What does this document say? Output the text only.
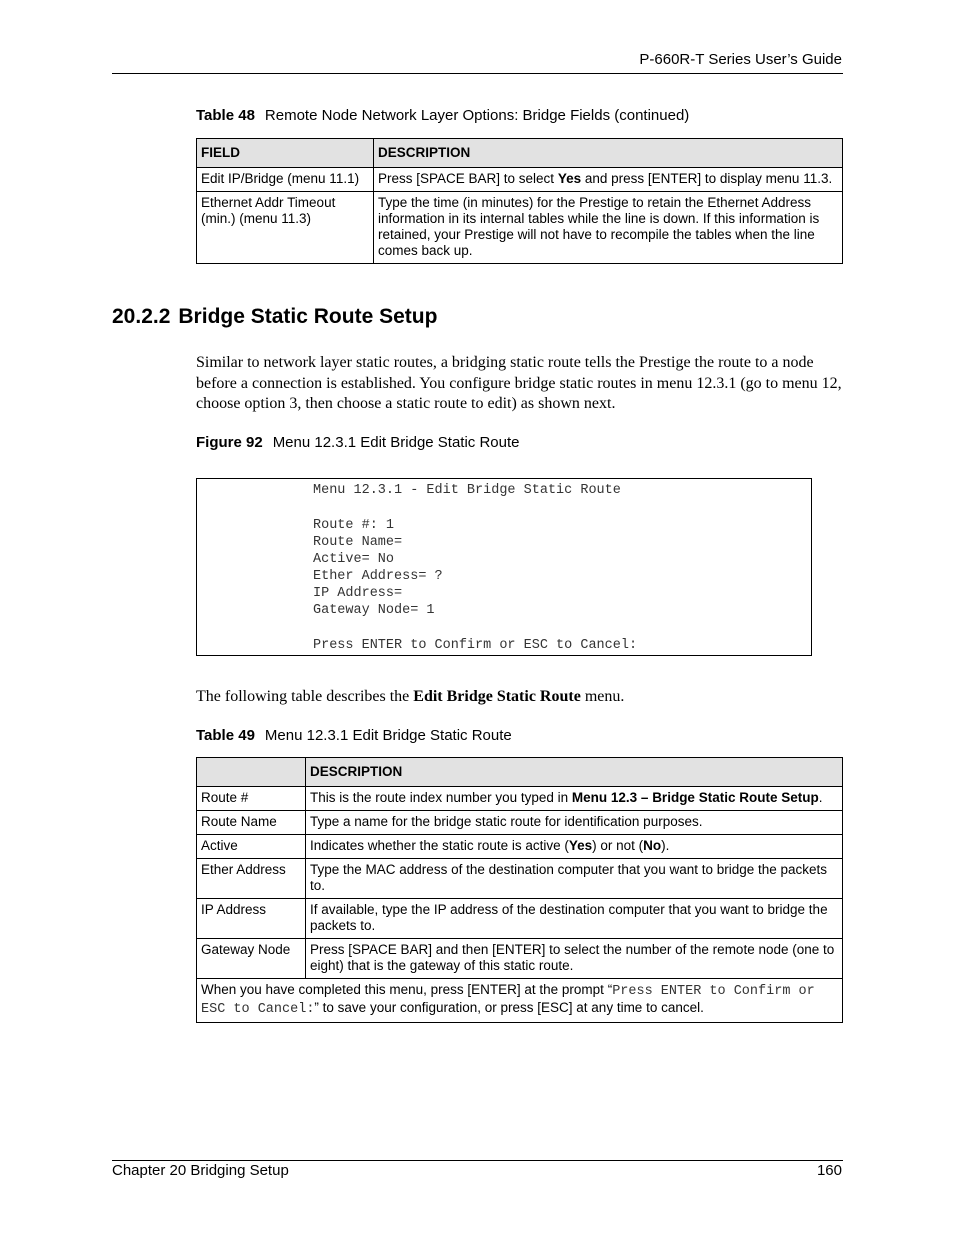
P-660R-T Series User’s Guide
Table 48 Remote Node Network Layer Options: Bridge Fields (continued)
FIELD	DESCRIPTION
Edit IP/Bridge (menu 11.1)	Press [SPACE BAR] to select Yes and press [ENTER] to display menu 11.3.
Ethernet Addr Timeout (min.) (menu 11.3)	Type the time (in minutes) for the Prestige to retain the Ethernet Address information in its internal tables while the line is down. If this information is retained, your Prestige will not have to recompile the tables when the line comes back up.
20.2.2 Bridge Static Route Setup
Similar to network layer static routes, a bridging static route tells the Prestige the route to a node before a connection is established. You configure bridge static routes in menu 12.3.1 (go to menu 12, choose option 3, then choose a static route to edit) as shown next.
Figure 92 Menu 12.3.1 Edit Bridge Static Route
Menu 12.3.1 - Edit Bridge Static Route
Route #: 1
Route Name=
Active= No
Ether Address= ?
IP Address=
Gateway Node= 1
Press ENTER to Confirm or ESC to Cancel:
The following table describes the Edit Bridge Static Route menu.
Table 49 Menu 12.3.1 Edit Bridge Static Route
	DESCRIPTION
Route #	This is the route index number you typed in Menu 12.3 – Bridge Static Route Setup.
Route Name	Type a name for the bridge static route for identification purposes.
Active	Indicates whether the static route is active (Yes) or not (No).
Ether Address	Type the MAC address of the destination computer that you want to bridge the packets to.
IP Address	If available, type the IP address of the destination computer that you want to bridge the packets to.
Gateway Node	Press [SPACE BAR] and then [ENTER] to select the number of the remote node (one to eight) that is the gateway of this static route.
When you have completed this menu, press [ENTER] at the prompt “Press ENTER to Confirm or ESC to Cancel:” to save your configuration, or press [ESC] at any time to cancel.	
Chapter 20 Bridging Setup	160
